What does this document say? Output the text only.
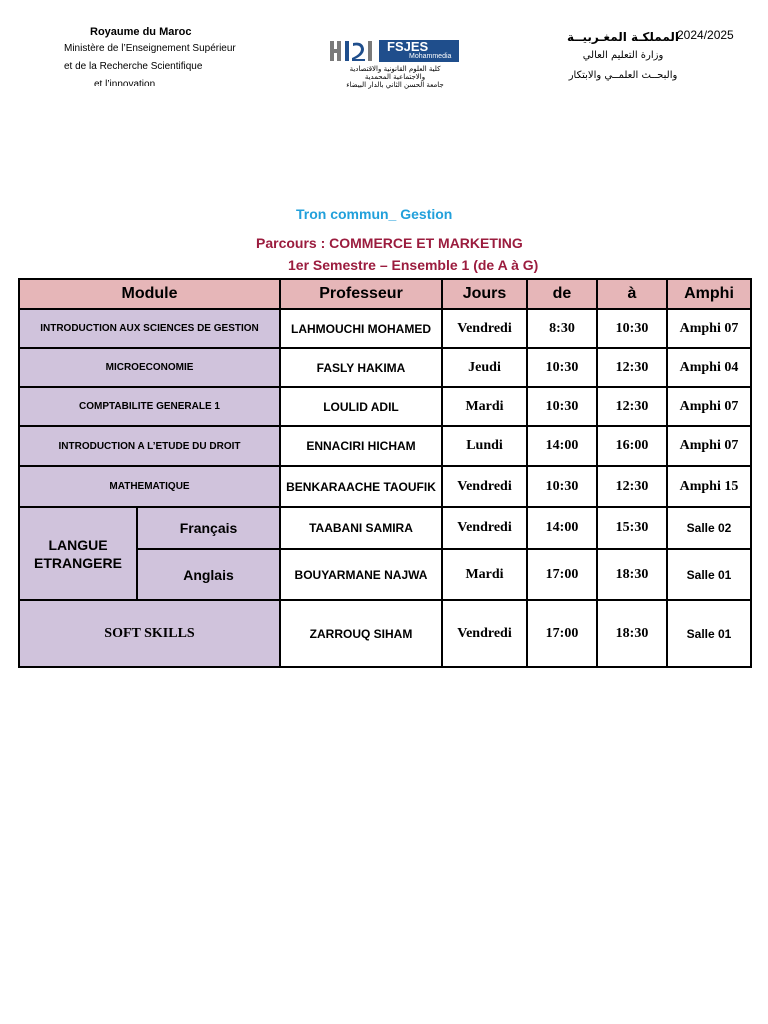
Royaume du Maroc
Ministère de l’Enseignement Supérieur
et de la Recherche Scientifique
et l’innovation
FSJES
Mohammedia
كلية العلوم القانونية والاقتصادية
والاجتماعية المحمدية
جامعة الحسن الثاني بالدار البيضاء
المملكـة المغـربيــة
وزارة التعليم العالي
والبحــث العلمــي والابتكار
2024/2025
Tron commun_ Gestion
Parcours : COMMERCE ET MARKETING
1er Semestre – Ensemble 1 (de A à G)
Module		Professeur	Jours	de	à	Amphi
INTRODUCTION AUX SCIENCES DE GESTION		LAHMOUCHI MOHAMED	Vendredi	8:30	10:30	Amphi 07
MICROECONOMIE		FASLY HAKIMA	Jeudi	10:30	12:30	Amphi 04
COMPTABILITE GENERALE 1		LOULID ADIL	Mardi	10:30	12:30	Amphi 07
INTRODUCTION A L’ETUDE DU DROIT		ENNACIRI HICHAM	Lundi	14:00	16:00	Amphi 07
MATHEMATIQUE		BENKARAACHE TAOUFIK	Vendredi	10:30	12:30	Amphi 15
LANGUE ETRANGERE	Français	TAABANI SAMIRA	Vendredi	14:00	15:30	Salle 02
	Anglais	BOUYARMANE NAJWA	Mardi	17:00	18:30	Salle 01
SOFT SKILLS		ZARROUQ SIHAM	Vendredi	17:00	18:30	Salle 01
